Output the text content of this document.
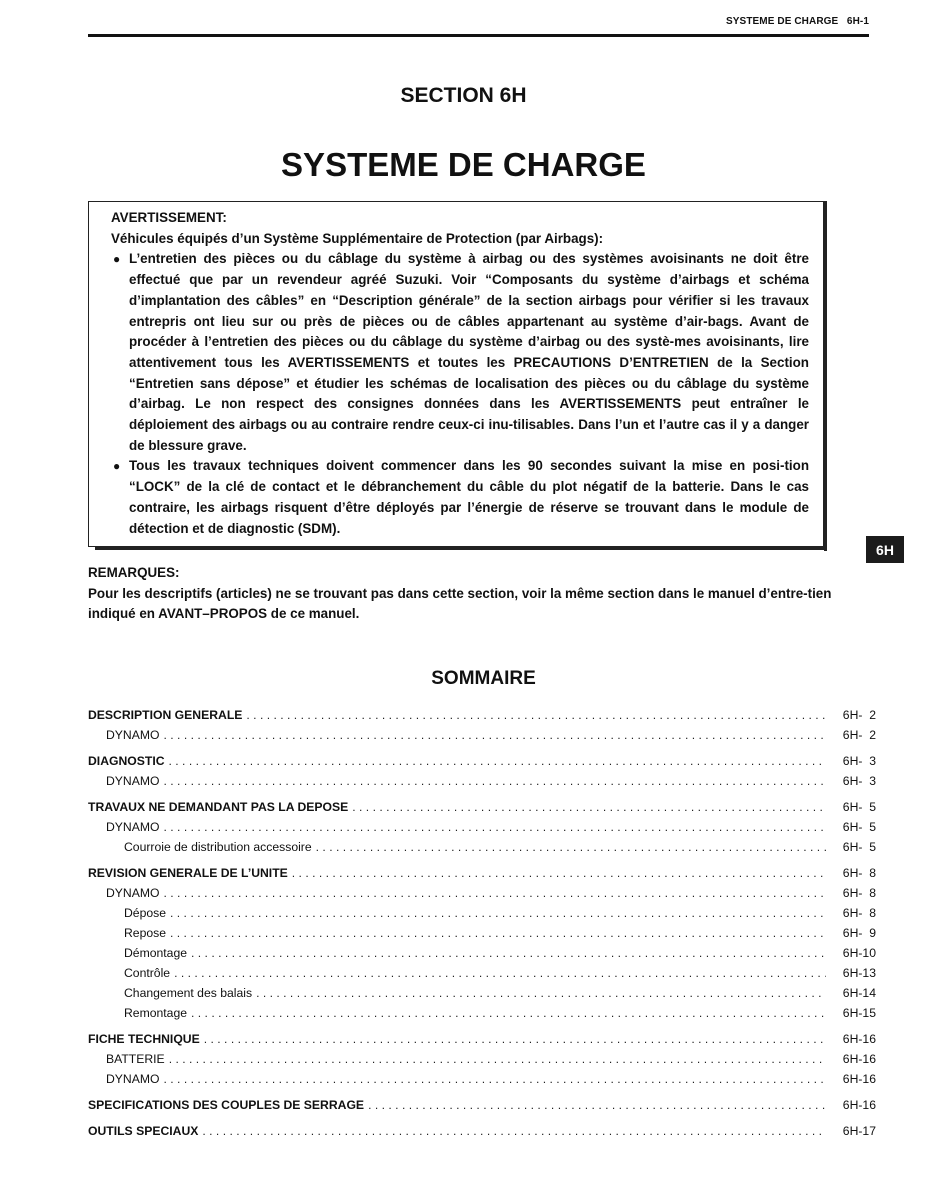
SYSTEME DE CHARGE   6H-1
SECTION 6H
SYSTEME DE CHARGE

AVERTISSEMENT:

Véhicules équipés d’un Système Supplémentaire de Protection (par Airbags):

● L’entretien des pièces ou du câblage du système à airbag ou des systèmes avoisinants ne doit être effectué que par un revendeur agréé Suzuki. Voir “Composants du système d’airbags et schéma d’implantation des câbles” en “Description générale” de la section airbags pour vérifier si les travaux entrepris ont lieu sur ou près de pièces ou de câbles appartenant au système d’air-bags. Avant de procéder à l’entretien des pièces ou du câblage du système d’airbag ou des systè-mes avoisinants, lire attentivement tous les AVERTISSEMENTS et toutes les PRECAUTIONS D’ENTRETIEN de la Section “Entretien sans dépose” et étudier les schémas de localisation des pièces ou du câblage du système d’airbag. Le non respect des consignes données dans les AVERTISSEMENTS peut entraîner le déploiement des airbags ou au contraire rendre ceux-ci inu-tilisables. Dans l’un et l’autre cas il y a danger de blessure grave.
● Tous les travaux techniques doivent commencer dans les 90 secondes suivant la mise en posi-tion “LOCK” de la clé de contact et le débranchement du câble du plot négatif de la batterie. Dans le cas contraire, les airbags risquent d’être déployés par l’énergie de réserve se trouvant dans le module de détection et de diagnostic (SDM).
6H

REMARQUES:

Pour les descriptifs (articles) ne se trouvant pas dans cette section, voir la même section dans le manuel d’entre-tien indiqué en AVANT–PROPOS de ce manuel.

SOMMAIRE
DESCRIPTION GENERALE . . .	6H-  2
DYNAMO . . .	6H-  2
DIAGNOSTIC . . .	6H-  3
DYNAMO . . .	6H-  3
TRAVAUX NE DEMANDANT PAS LA DEPOSE . . .	6H-  5
DYNAMO . . .	6H-  5
Courroie de distribution accessoire . . .	6H-  5
REVISION GENERALE DE L’UNITE . . .	6H-  8
DYNAMO . . .	6H-  8
Dépose . . .	6H-  8
Repose . . .	6H-  9
Démontage . . .	6H-10
Contrôle . . .	6H-13
Changement des balais . . .	6H-14
Remontage . . .	6H-15
FICHE TECHNIQUE . . .	6H-16
BATTERIE . . .	6H-16
DYNAMO . . .	6H-16
SPECIFICATIONS DES COUPLES DE SERRAGE . . .	6H-16
OUTILS SPECIAUX . . .	6H-17
